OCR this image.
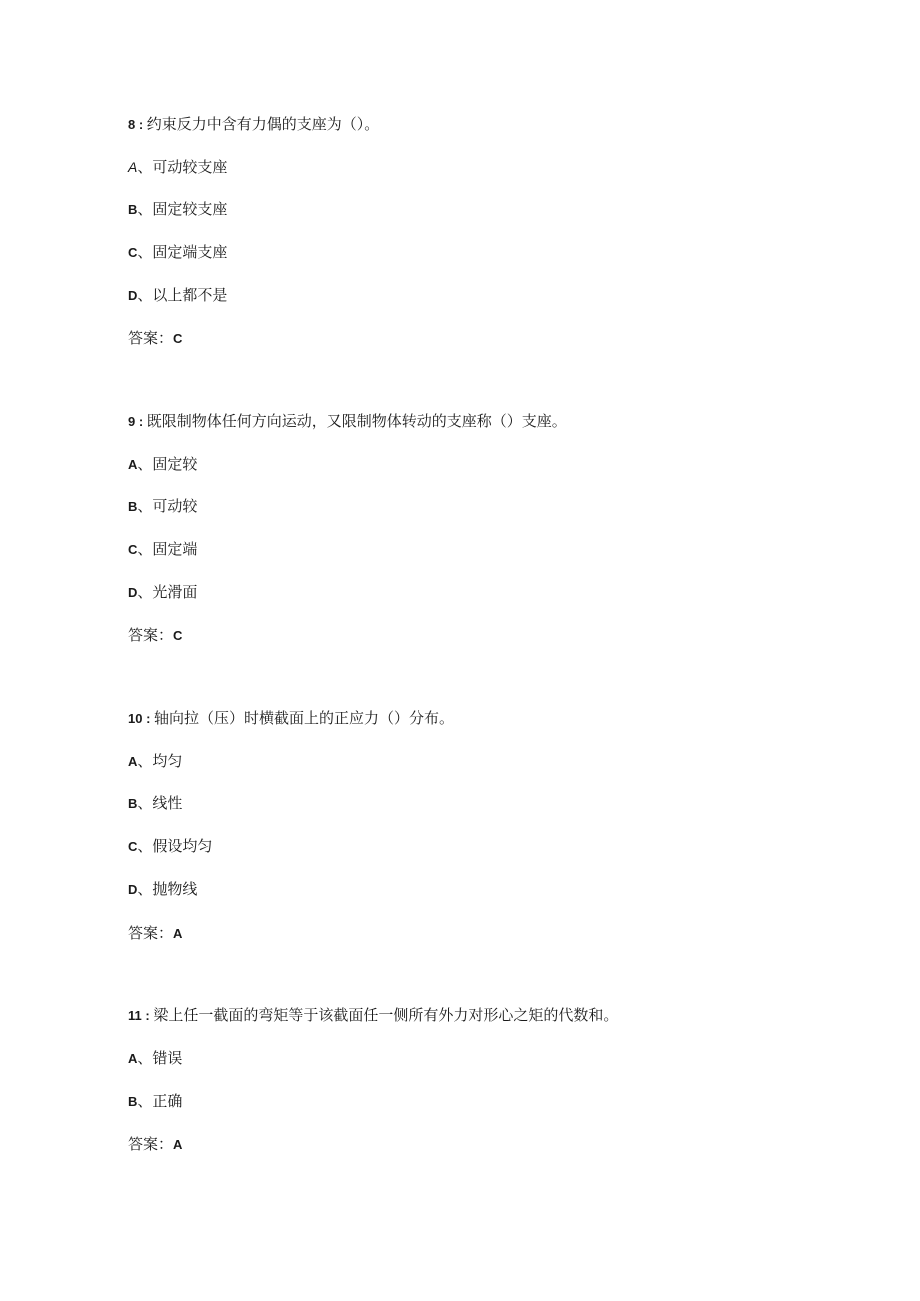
8 : 约束反力中含有力偶的支座为（）。

A、可动较支座

B、固定较支座

C、固定端支座

D、以上都不是

答案：C

9 : 既限制物体任何方向运动，又限制物体转动的支座称（）支座。

A、固定较

B、可动较

C、固定端

D、光滑面

答案：C

10 : 轴向拉（压）时横截面上的正应力（）分布。

A、均匀

B、线性

C、假设均匀

D、抛物线

答案：A

11 : 梁上任一截面的弯矩等于该截面任一侧所有外力对形心之矩的代数和。

A、错误

B、正确

答案：A
